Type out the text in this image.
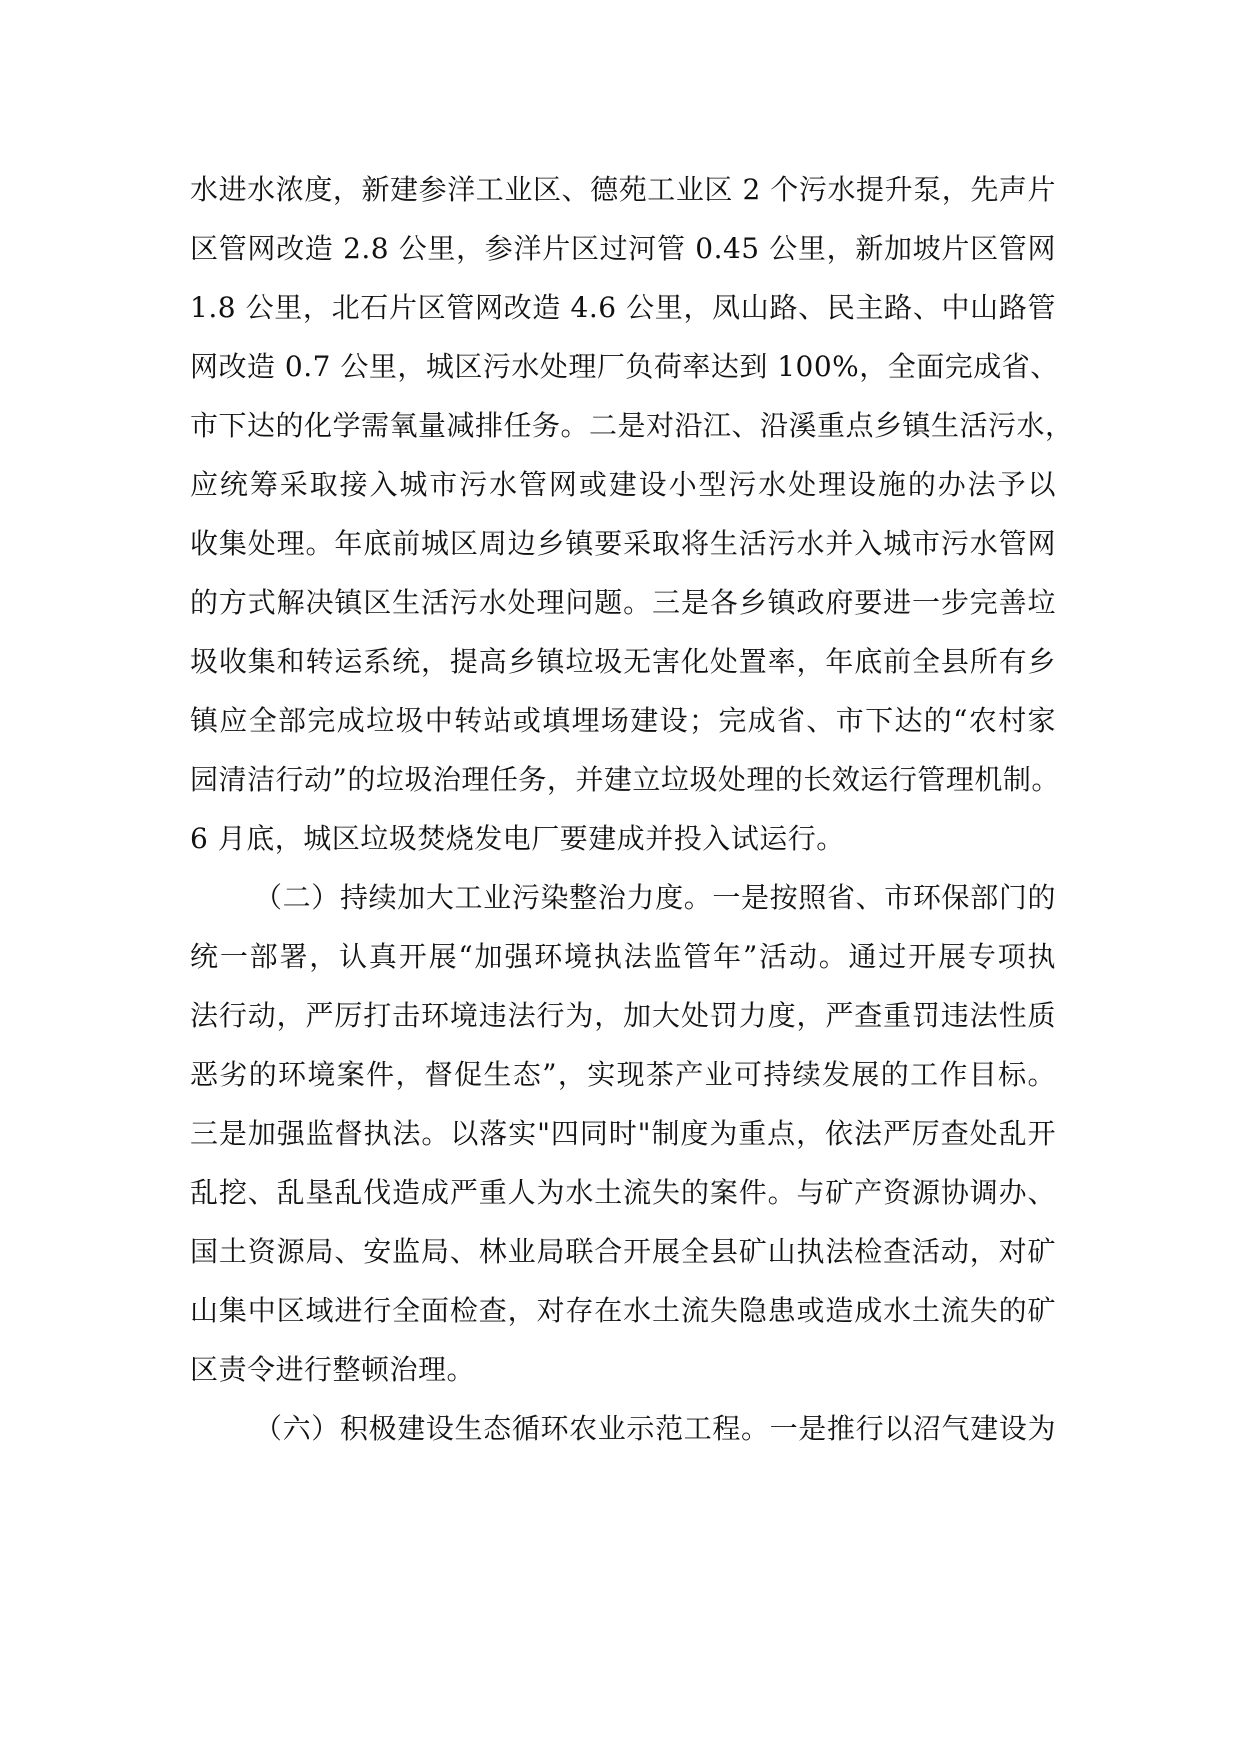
水进水浓度，新建参洋工业区、德苑工业区 2 个污水提升泵，先声片
区管网改造 2.8 公里，参洋片区过河管 0.45 公里，新加坡片区管网
1.8 公里，北石片区管网改造 4.6 公里，凤山路、民主路、中山路管
网改造 0.7 公里，城区污水处理厂负荷率达到 100%，全面完成省、
市下达的化学需氧量减排任务。二是对沿江、沿溪重点乡镇生活污水，
应统筹采取接入城市污水管网或建设小型污水处理设施的办法予以
收集处理。年底前城区周边乡镇要采取将生活污水并入城市污水管网
的方式解决镇区生活污水处理问题。三是各乡镇政府要进一步完善垃
圾收集和转运系统，提高乡镇垃圾无害化处置率，年底前全县所有乡
镇应全部完成垃圾中转站或填埋场建设；完成省、市下达的“农村家
园清洁行动”的垃圾治理任务，并建立垃圾处理的长效运行管理机制。
6 月底，城区垃圾焚烧发电厂要建成并投入试运行。
（二）持续加大工业污染整治力度。一是按照省、市环保部门的
统一部署，认真开展“加强环境执法监管年”活动。通过开展专项执
法行动，严厉打击环境违法行为，加大处罚力度，严查重罚违法性质
恶劣的环境案件，督促生态”，实现茶产业可持续发展的工作目标。
三是加强监督执法。以落实"四同时"制度为重点，依法严厉查处乱开
乱挖、乱垦乱伐造成严重人为水土流失的案件。与矿产资源协调办、
国土资源局、安监局、林业局联合开展全县矿山执法检查活动，对矿
山集中区域进行全面检查，对存在水土流失隐患或造成水土流失的矿
区责令进行整顿治理。
（六）积极建设生态循环农业示范工程。一是推行以沼气建设为
